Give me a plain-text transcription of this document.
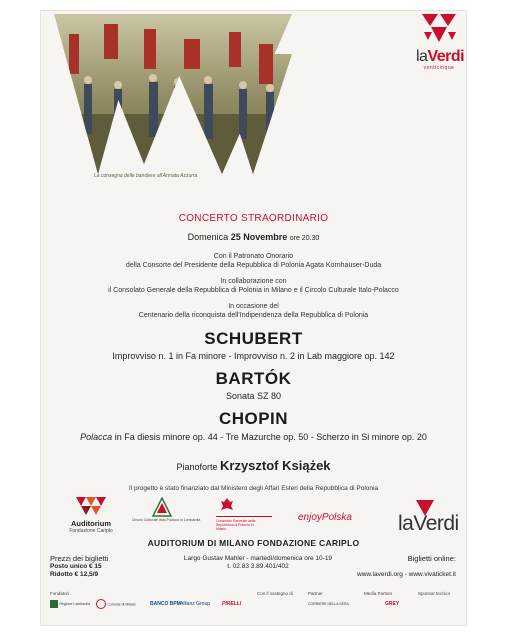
La consegna delle bandiere all'Armata Azzurra
laVerdi
venticinque
CONCERTO STRAORDINARIO
Domenica 25 Novembre ore 20.30
Con il Patronato Onorario
della Consorte del Presidente della Repubblica di Polonia Agata Kornhauser-Duda
In collaborazione con
il Consolato Generale della Repubblica di Polonia in Milano e il Circolo Culturale Italo-Polacco
In occasione del
Centenario della riconquista dell'Indipendenza della Repubblica di Polonia
SCHUBERT
Improvviso n. 1 in Fa minore - Improvviso n. 2 in Lab maggiore op. 142
BARTÓK
Sonata SZ 80
CHOPIN
Polacca in Fa diesis minore op. 44 - Tre Mazurche op. 50 - Scherzo in Si minore op. 20
Pianoforte Krzysztof Książek
Il progetto è stato finanziato dal Ministero degli Affari Esteri della Repubblica di Polonia
Auditorium
Fondazione Cariplo
Circolo Culturale Italo-Polacco in Lombardia	Consolato Generale della Repubblica di Polonia in Milano
enjoyPolska laVerdi
AUDITORIUM DI MILANO FONDAZIONE CARIPLO
Prezzi dei biglietti
Posto unico € 15
Ridotto € 12,5/9
Largo Gustav Mahler - martedì/domenica ore 10-19
t. 02.83 3.89.401/402
Biglietti online:
www.laverdi.org - www.vivaticket.it
Fondatori	Con il sostegno di	Partner	Media Partner	Sponsor tecnico
Regione Lombardia	Comune di Milano	BANCO BPM Allianz Group PIRELLI	CORRIERE DELLA SERA	GREY
